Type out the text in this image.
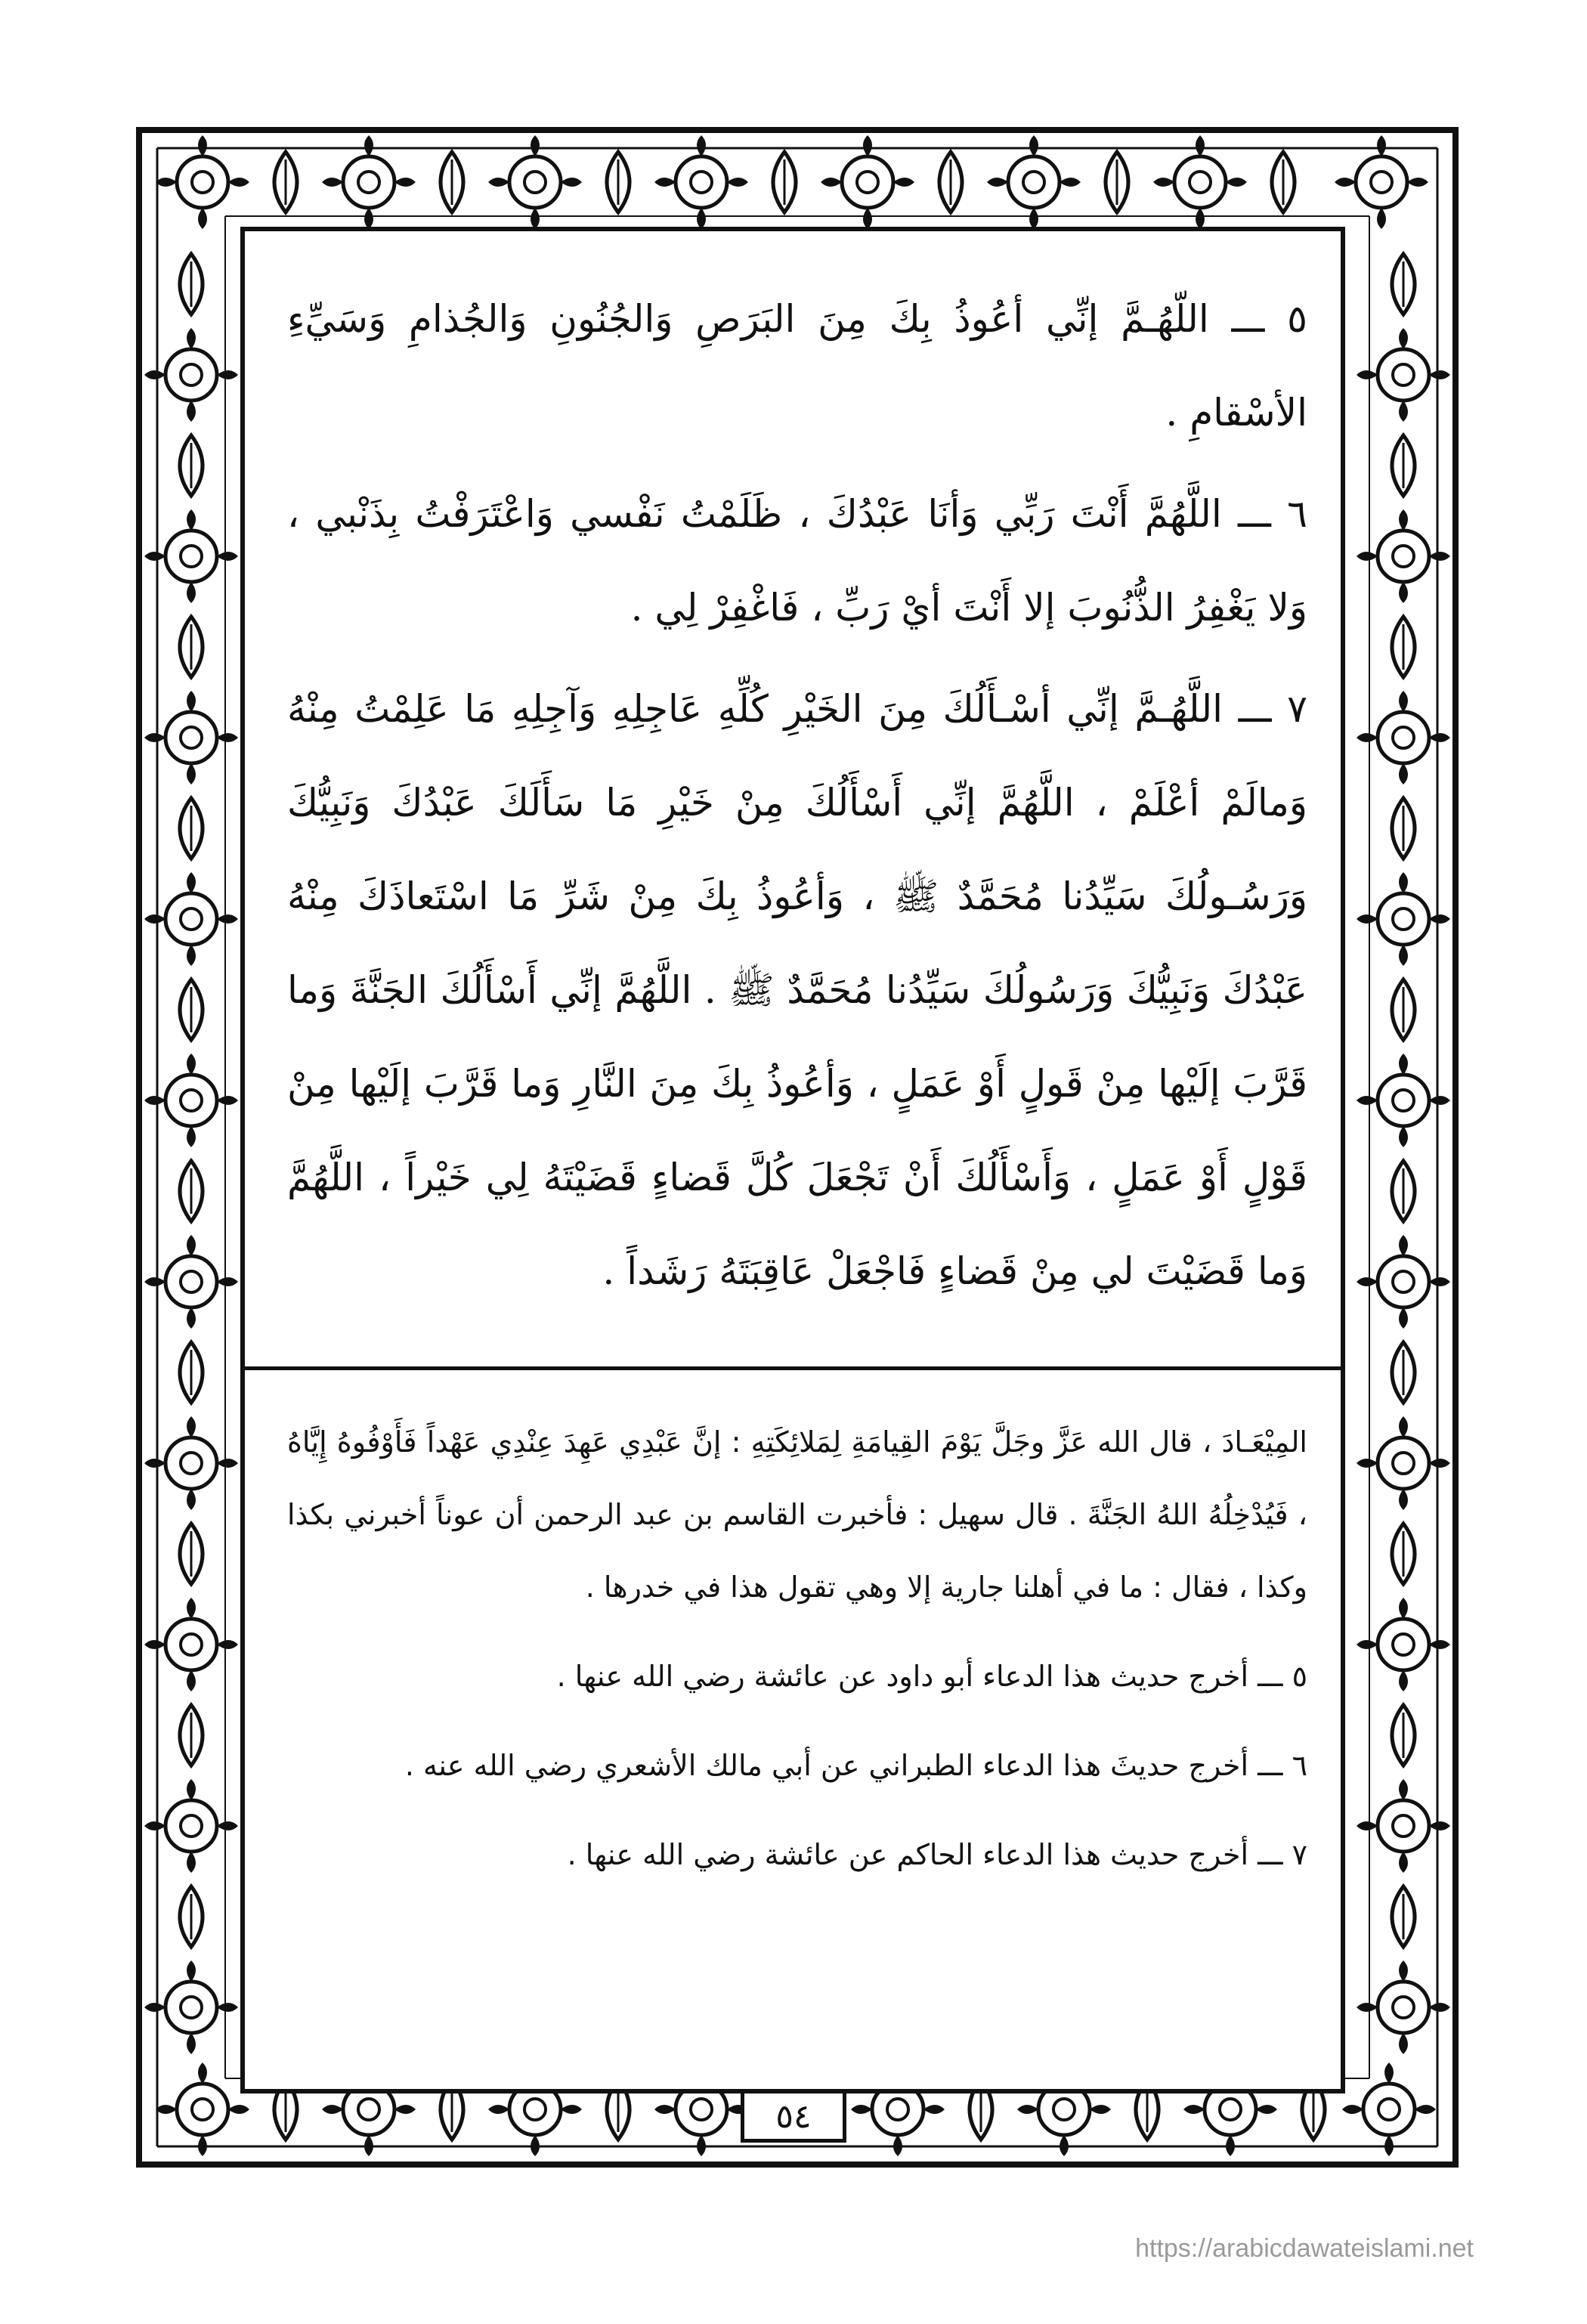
٥ ـــ اللّهُـمَّ إنِّي أعُوذُ بِكَ مِنَ البَرَصِ وَالجُنُونِ وَالجُذامِ وَسَيِّءِ الأسْقامِ .

٦ ـــ اللَّهُمَّ أَنْتَ رَبِّي وَأنَا عَبْدُكَ ، ظَلَمْتُ نَفْسي وَاعْتَرَفْتُ بِذَنْبي ، وَلا يَغْفِرُ الذُّنُوبَ إلا أَنْتَ أيْ رَبِّ ، فَاغْفِرْ لِي .

٧ ـــ اللَّهُـمَّ إنِّي أسْـأَلُكَ مِنَ الخَيْرِ كُلِّهِ عَاجِلِهِ وَآجِلِهِ مَا عَلِمْتُ مِنْهُ وَمالَمْ أعْلَمْ ، اللَّهُمَّ إنِّي أَسْأَلُكَ مِنْ خَيْرِ مَا سَأَلَكَ عَبْدُكَ وَنَبِيُّكَ وَرَسُـولُكَ سَيِّدُنا مُحَمَّدٌ ﷺ ، وَأعُوذُ بِكَ مِنْ شَرِّ مَا اسْتَعاذَكَ مِنْهُ عَبْدُكَ وَنَبِيُّكَ وَرَسُولُكَ سَيِّدُنا مُحَمَّدٌ ﷺ . اللَّهُمَّ إنِّي أَسْأَلُكَ الجَنَّةَ وَما قَرَّبَ إلَيْها مِنْ قَولٍ أَوْ عَمَلٍ ، وَأعُوذُ بِكَ مِنَ النَّارِ وَما قَرَّبَ إلَيْها مِنْ قَوْلٍ أَوْ عَمَلٍ ، وَأَسْأَلُكَ أَنْ تَجْعَلَ كُلَّ قَضاءٍ قَضَيْتَهُ لِي خَيْراً ، اللَّهُمَّ وَما قَضَيْتَ لي مِنْ قَضاءٍ فَاجْعَلْ عَاقِبَتَهُ رَشَداً .

المِيْعَـادَ ، قال الله عَزَّ وجَلَّ يَوْمَ القِيامَةِ لِمَلائِكَتِهِ : إنَّ عَبْدِي عَهِدَ عِنْدِي عَهْداً فَأَوْفُوهُ إِيَّاهُ ، فَيُدْخِلُهُ اللهُ الجَنَّةَ . قال سهيل : فأخبرت القاسم بن عبد الرحمن أن عوناً أخبرني بكذا وكذا ، فقال : ما في أهلنا جارية إلا وهي تقول هذا في خدرها .

٥ ـــ أخرج حديث هذا الدعاء أبو داود عن عائشة رضي الله عنها .

٦ ـــ أخرج حديثَ هذا الدعاء الطبراني عن أبي مالك الأشعري رضي الله عنه .

٧ ـــ أخرج حديث هذا الدعاء الحاكم عن عائشة رضي الله عنها .

٥٤
https://arabicdawateislami.net
